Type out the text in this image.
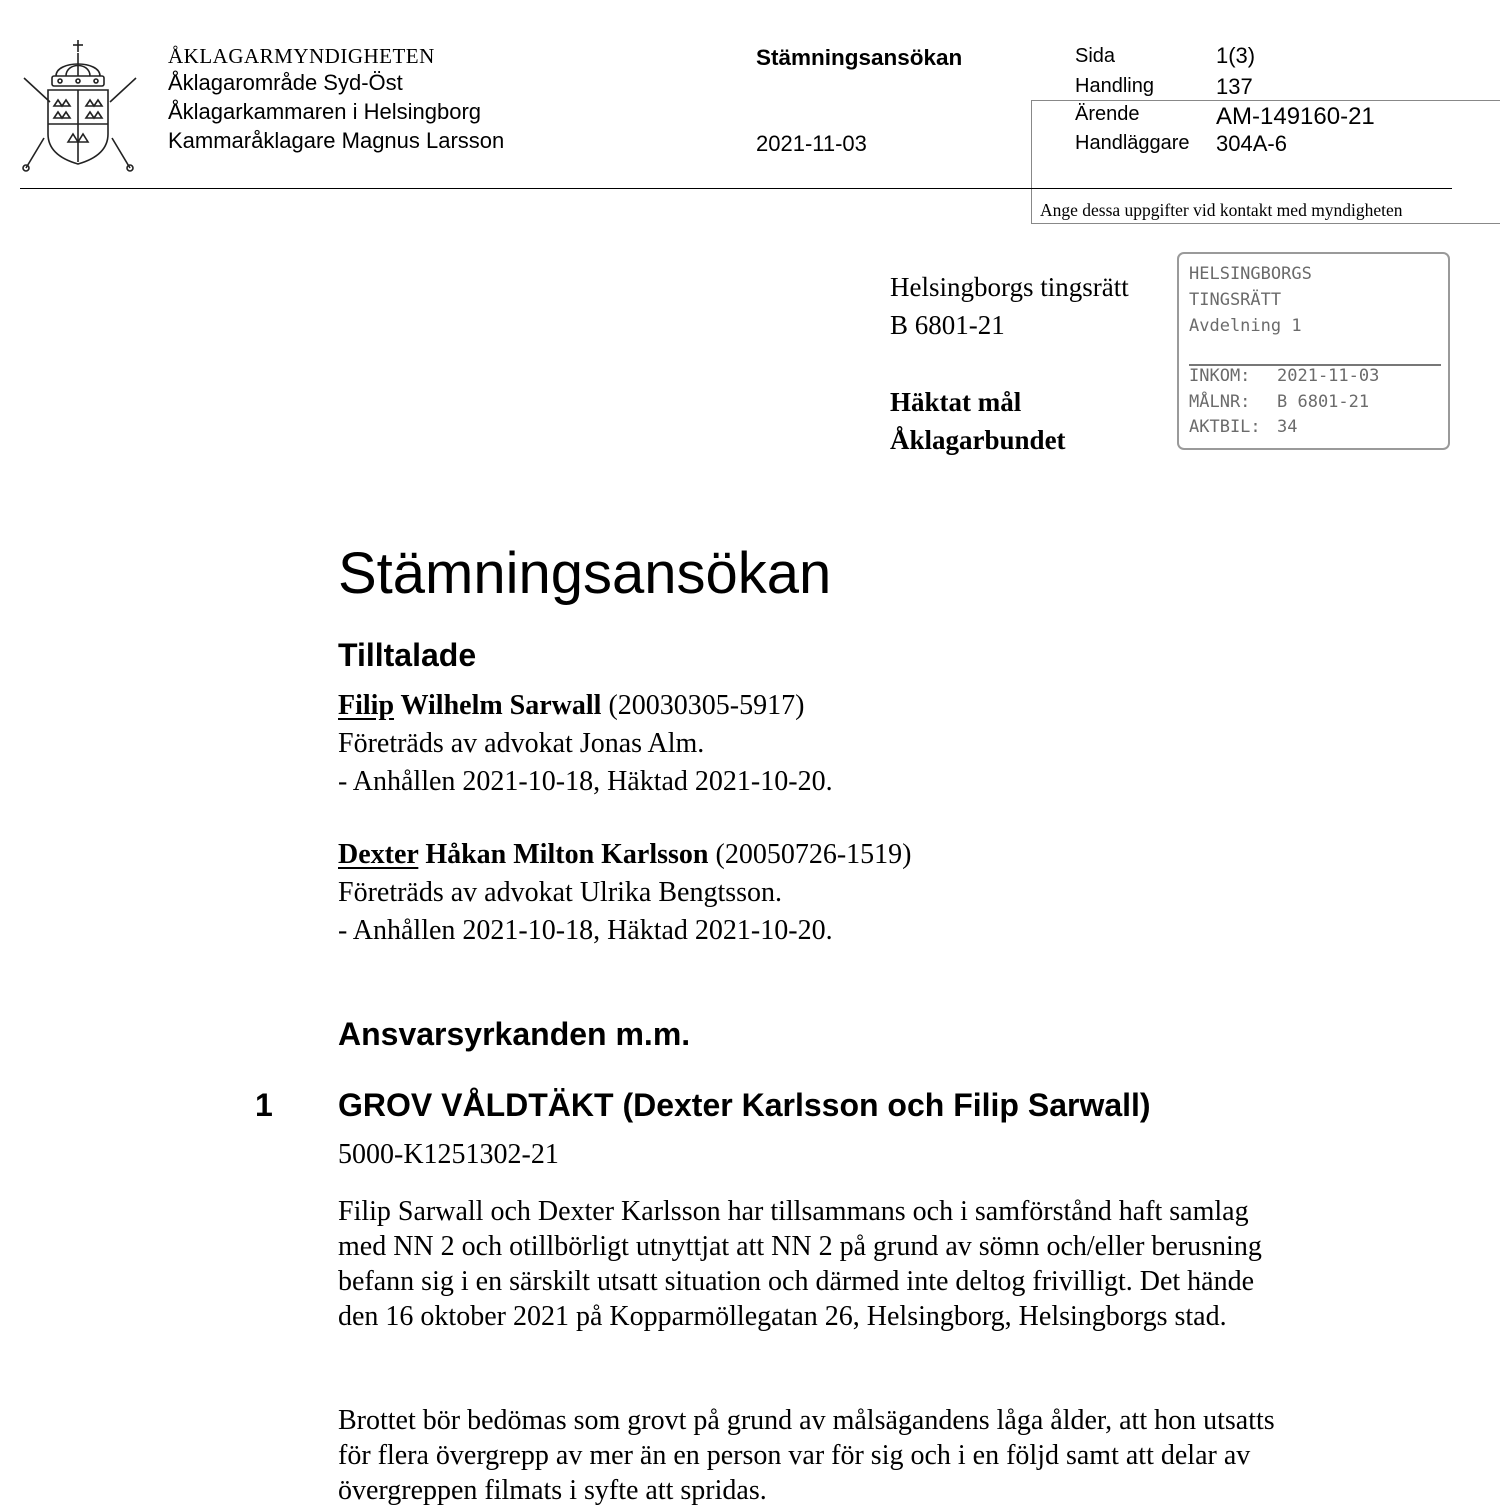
ÅKLAGARMYNDIGHETEN
Åklagarområde Syd-Öst
Åklagarkammaren i Helsingborg
Kammaråklagare Magnus Larsson
Stämningsansökan
2021-11-03
Sida	1(3)
Handling	137
Ärende	AM-149160-21
Handläggare 304A-6
Ange dessa uppgifter vid kontakt med myndigheten
Helsingborgs tingsrätt
B 6801-21
Häktat mål
Åklagarbundet
HELSINGBORGS
TINGSRÄTT
Avdelning 1
INKOM: 2021-11-03
MÅLNR: B 6801-21
AKTBIL: 34
Stämningsansökan
Tilltalade
Filip Wilhelm Sarwall (20030305-5917)
Företräds av advokat Jonas Alm.
- Anhållen 2021-10-18, Häktad 2021-10-20.
Dexter Håkan Milton Karlsson (20050726-1519)
Företräds av advokat Ulrika Bengtsson.
- Anhållen 2021-10-18, Häktad 2021-10-20.
Ansvarsyrkanden m.m.
1 GROV VÅLDTÄKT (Dexter Karlsson och Filip Sarwall)
5000-K1251302-21
Filip Sarwall och Dexter Karlsson har tillsammans och i samförstånd haft samlag med NN 2 och otillbörligt utnyttjat att NN 2 på grund av sömn och/eller berusning befann sig i en särskilt utsatt situation och därmed inte deltog frivilligt. Det hände den 16 oktober 2021 på Kopparmöllegatan 26, Helsingborg, Helsingborgs stad.
Brottet bör bedömas som grovt på grund av målsägandens låga ålder, att hon utsatts för flera övergrepp av mer än en person var för sig och i en följd samt att delar av övergreppen filmats i syfte att spridas.
